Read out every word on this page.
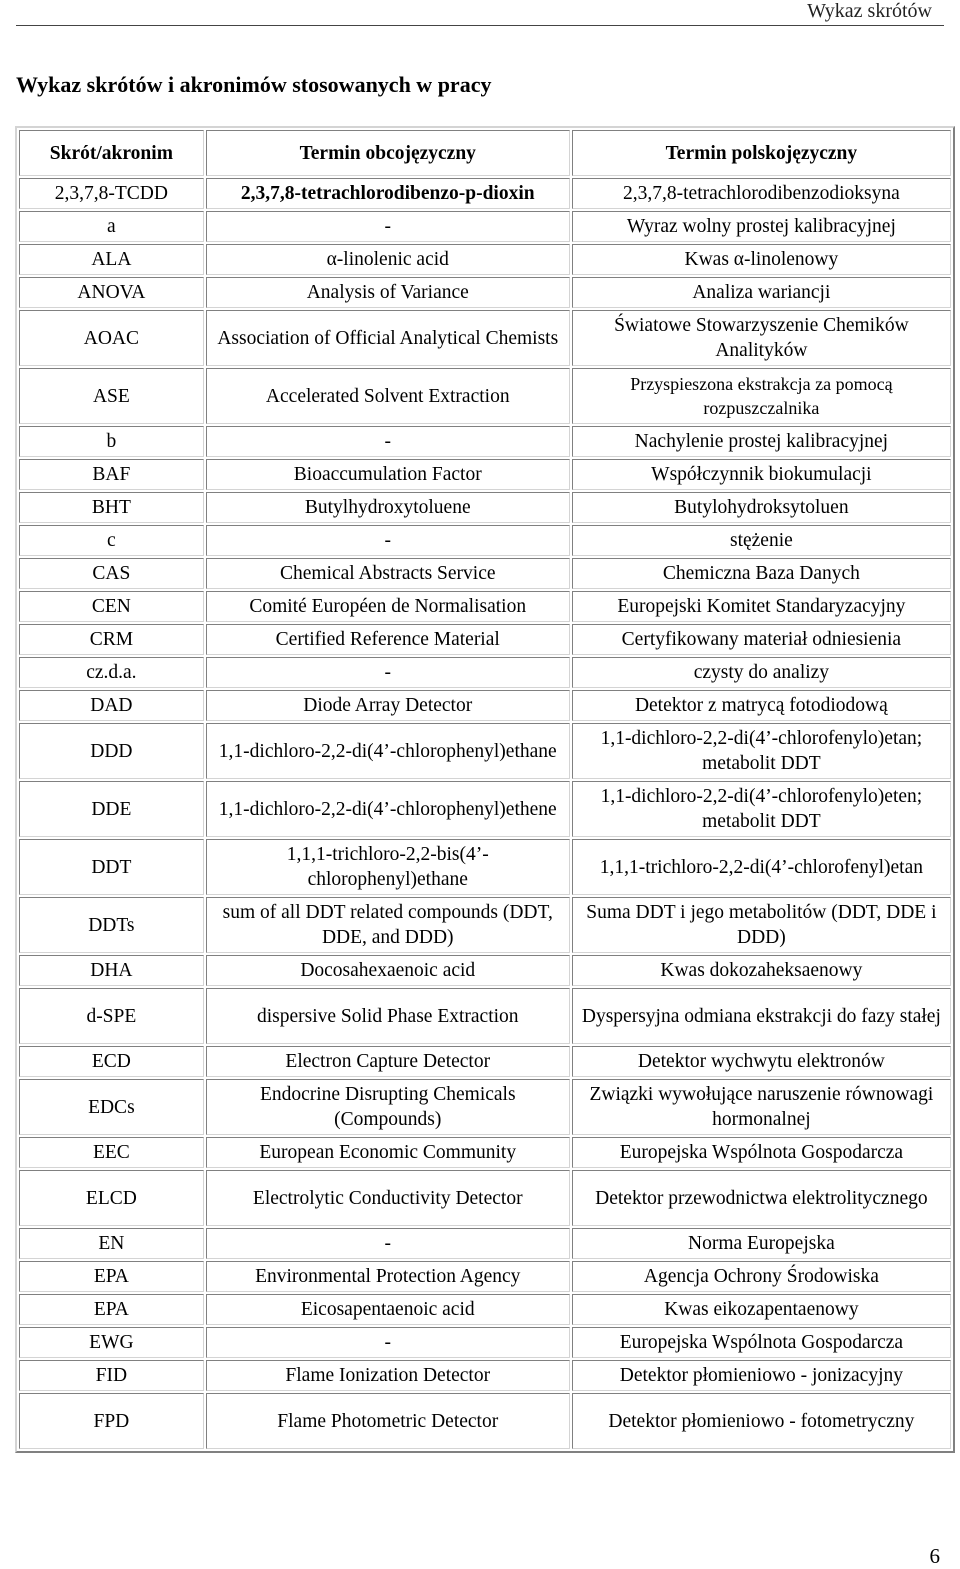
Wykaz skrótów
Wykaz skrótów i akronimów stosowanych w pracy
Skrót/akronim	Termin obcojęzyczny	Termin polskojęzyczny
2,3,7,8-TCDD	2,3,7,8-tetrachlorodibenzo-p-dioxin	2,3,7,8-tetrachlorodibenzodioksyna
a	-	Wyraz wolny prostej kalibracyjnej
ALA	α-linolenic acid	Kwas α-linolenowy
ANOVA	Analysis of Variance	Analiza wariancji
AOAC	Association of Official Analytical Chemists	Światowe Stowarzyszenie Chemików Analityków
ASE	Accelerated Solvent Extraction	Przyspieszona ekstrakcja za pomocą rozpuszczalnika
b	-	Nachylenie prostej kalibracyjnej
BAF	Bioaccumulation Factor	Współczynnik biokumulacji
BHT	Butylhydroxytoluene	Butylohydroksytoluen
c	-	stężenie
CAS	Chemical Abstracts Service	Chemiczna Baza Danych
CEN	Comité Européen de Normalisation	Europejski Komitet Standaryzacyjny
CRM	Certified Reference Material	Certyfikowany materiał odniesienia
cz.d.a.	-	czysty do analizy
DAD	Diode Array Detector	Detektor z matrycą fotodiodową
DDD	1,1-dichloro-2,2-di(4’-chlorophenyl)ethane	1,1-dichloro-2,2-di(4’-chlorofenylo)etan; metabolit DDT
DDE	1,1-dichloro-2,2-di(4’-chlorophenyl)ethene	1,1-dichloro-2,2-di(4’-chlorofenylo)eten; metabolit DDT
DDT	1,1,1-trichloro-2,2-bis(4’-chlorophenyl)ethane	1,1,1-trichloro-2,2-di(4’-chlorofenyl)etan
DDTs	sum of all DDT related compounds (DDT, DDE, and DDD)	Suma DDT i jego metabolitów (DDT, DDE i DDD)
DHA	Docosahexaenoic acid	Kwas dokozaheksaenowy
d-SPE	dispersive Solid Phase Extraction	Dyspersyjna odmiana ekstrakcji do fazy stałej
ECD	Electron Capture Detector	Detektor wychwytu elektronów
EDCs	Endocrine Disrupting Chemicals (Compounds)	Związki wywołujące naruszenie równowagi hormonalnej
EEC	European Economic Community	Europejska Wspólnota Gospodarcza
ELCD	Electrolytic Conductivity Detector	Detektor przewodnictwa elektrolitycznego
EN	-	Norma Europejska
EPA	Environmental Protection Agency	Agencja Ochrony Środowiska
EPA	Eicosapentaenoic acid	Kwas eikozapentaenowy
EWG	-	Europejska Wspólnota Gospodarcza
FID	Flame Ionization Detector	Detektor płomieniowo - jonizacyjny
FPD	Flame Photometric Detector	Detektor płomieniowo - fotometryczny
6
